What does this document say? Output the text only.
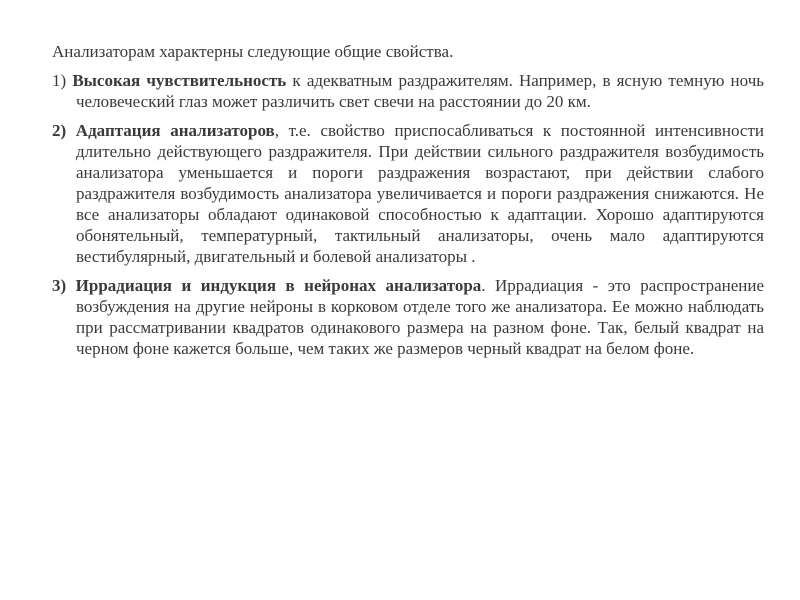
Анализаторам характерны следующие общие свойства.

1) Высокая чувствительность к адекватным раздражителям. Например, в ясную темную ночь человеческий глаз может различить свет свечи на расстоянии до 20 км.

2) Адаптация анализаторов, т.е. свойство приспосабливаться к постоянной интенсивности длительно действующего раздражителя. При действии сильного раздражителя возбудимость анализатора уменьшается и пороги раздражения возрастают, при действии слабого раздражителя возбудимость анализатора увеличивается и пороги раздражения снижаются. Не все анализаторы обладают одинаковой способностью к адаптации. Хорошо адаптируются обонятельный, температурный, тактильный анализаторы, очень мало адаптируются вестибулярный, двигательный и болевой анализаторы .

3) Иррадиация и индукция в нейронах анализатора. Иррадиация - это распространение возбуждения на другие нейроны в корковом отделе того же анализатора. Ее можно наблюдать при рассматривании квадратов одинакового размера на разном фоне. Так, белый квадрат на черном фоне кажется больше, чем таких же размеров черный квадрат на белом фоне.
